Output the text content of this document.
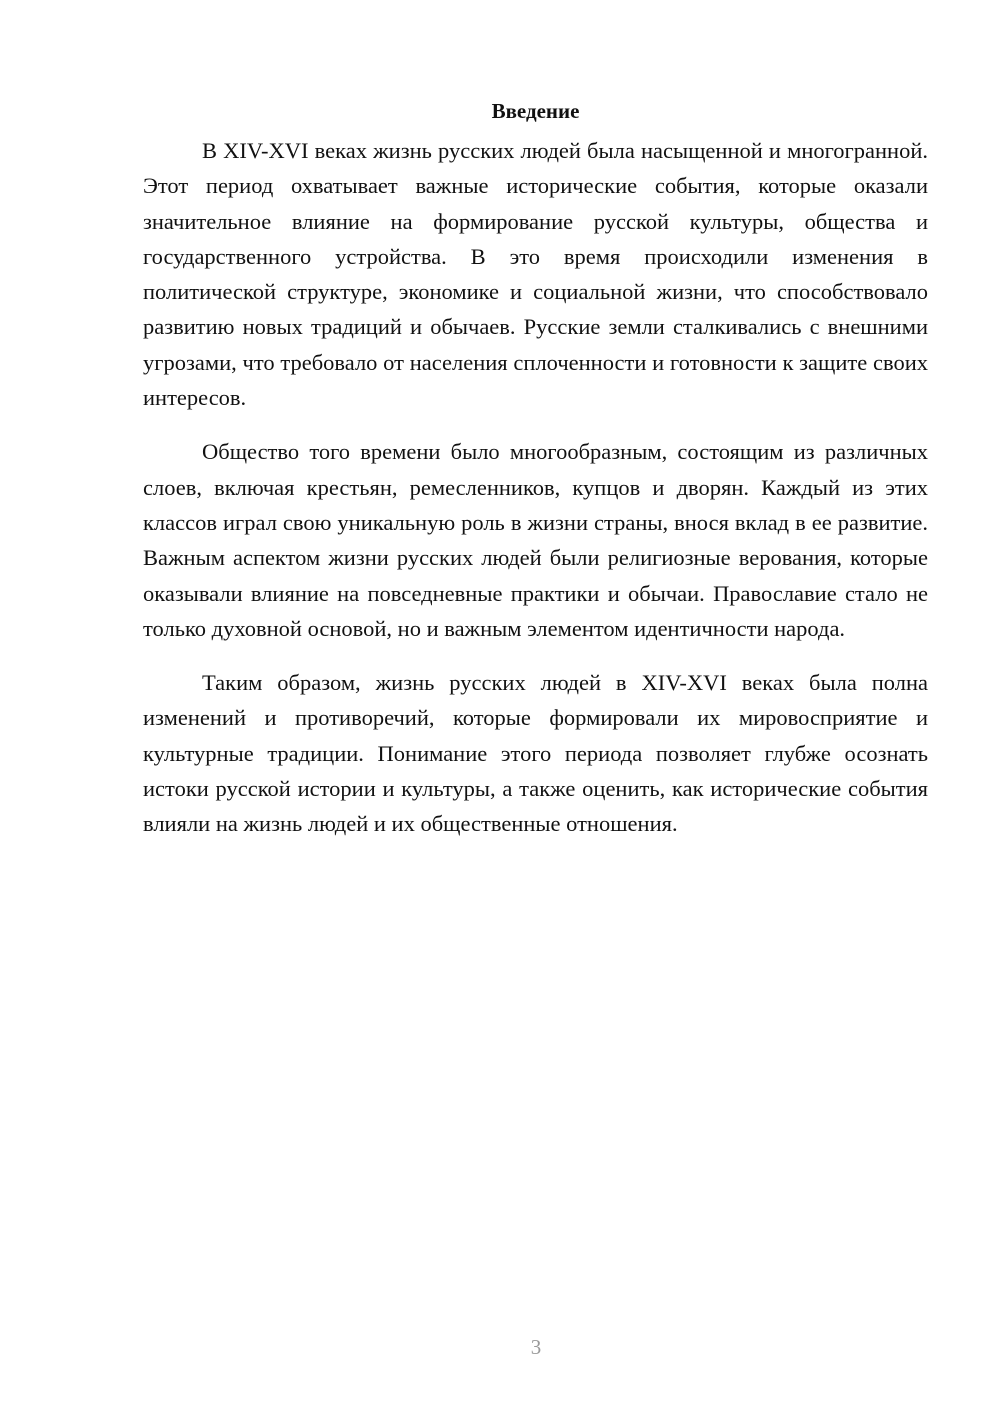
Введение

В XIV-XVI веках жизнь русских людей была насыщенной и многогранной. Этот период охватывает важные исторические события, которые оказали значительное влияние на формирование русской культуры, общества и государственного устройства. В это время происходили изменения в политической структуре, экономике и социальной жизни, что способствовало развитию новых традиций и обычаев. Русские земли сталкивались с внешними угрозами, что требовало от населения сплоченности и готовности к защите своих интересов.

Общество того времени было многообразным, состоящим из различных слоев, включая крестьян, ремесленников, купцов и дворян. Каждый из этих классов играл свою уникальную роль в жизни страны, внося вклад в ее развитие. Важным аспектом жизни русских людей были религиозные верования, которые оказывали влияние на повседневные практики и обычаи. Православие стало не только духовной основой, но и важным элементом идентичности народа.

Таким образом, жизнь русских людей в XIV-XVI веках была полна изменений и противоречий, которые формировали их мировосприятие и культурные традиции. Понимание этого периода позволяет глубже осознать истоки русской истории и культуры, а также оценить, как исторические события влияли на жизнь людей и их общественные отношения.

3
